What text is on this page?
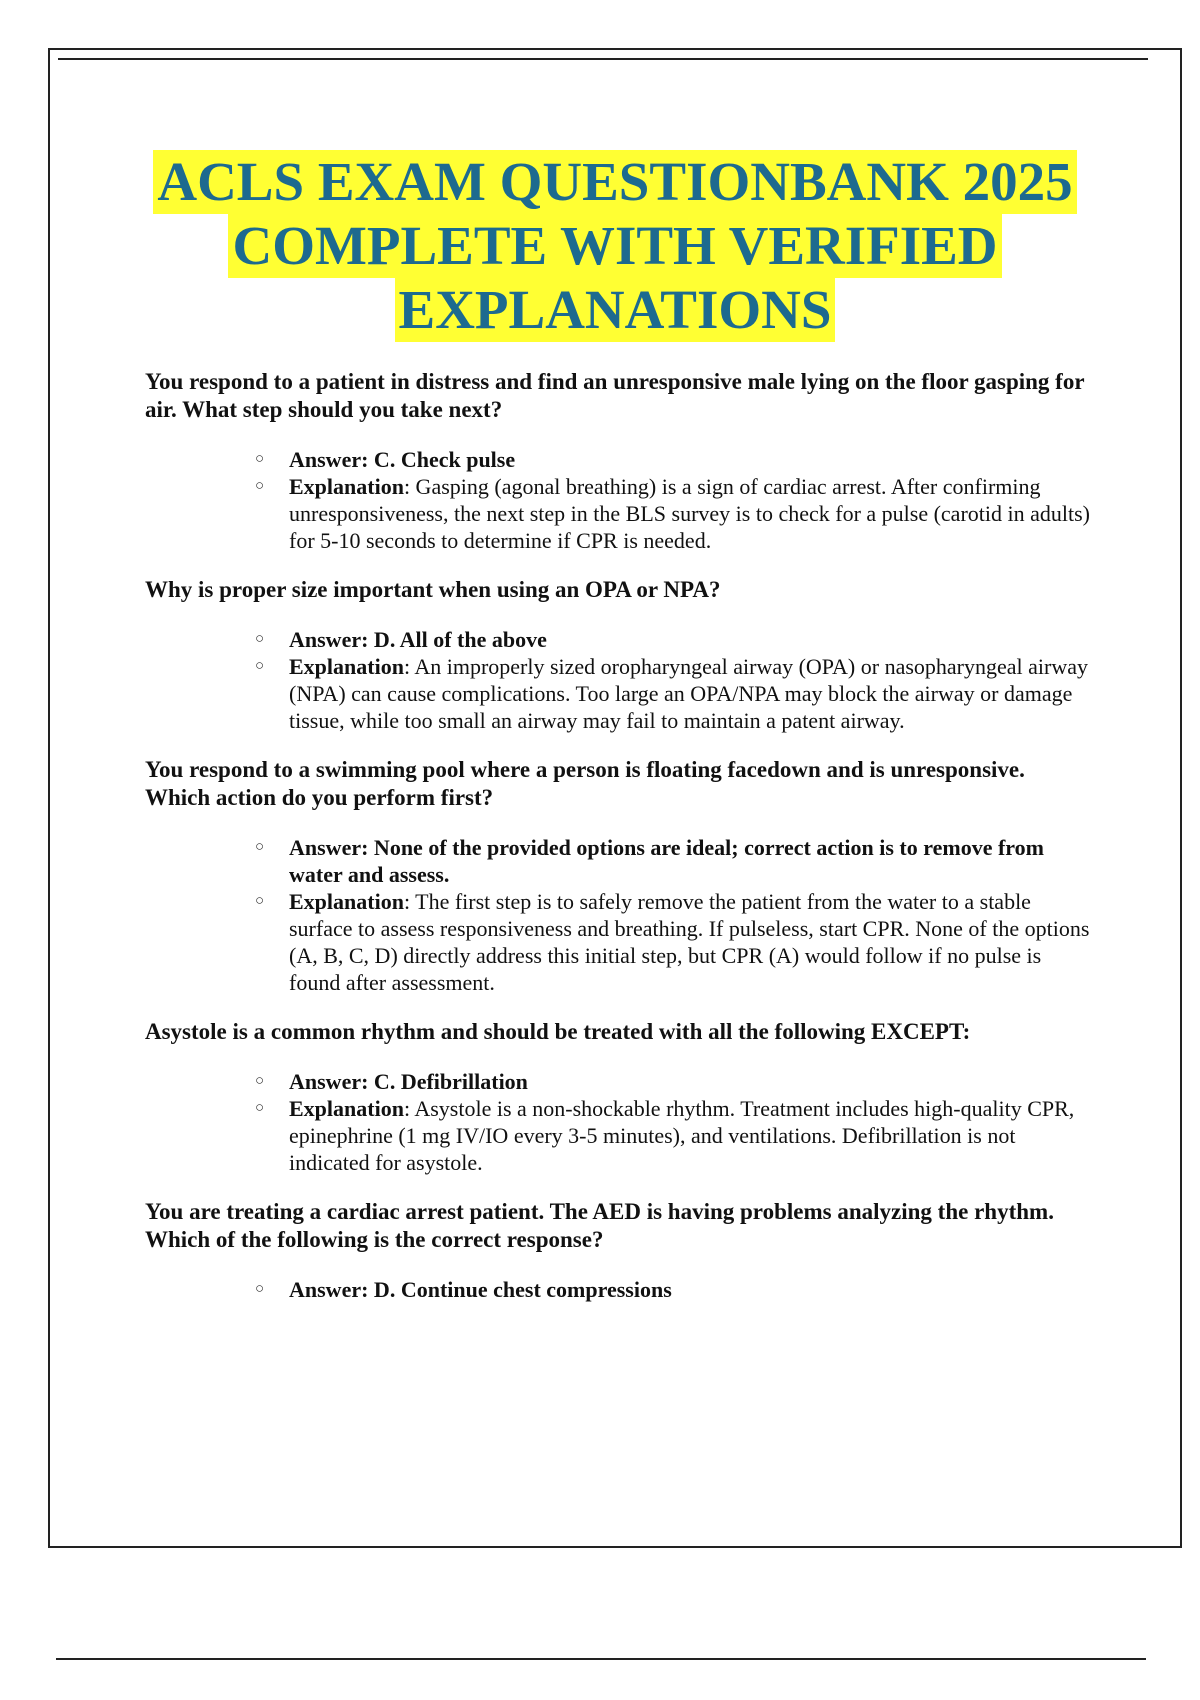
ACLS EXAM QUESTIONBANK 2025
COMPLETE WITH VERIFIED
EXPLANATIONS

You respond to a patient in distress and find an unresponsive male lying on the floor gasping for air. What step should you take next?

○ Answer: C. Check pulse
○ Explanation: Gasping (agonal breathing) is a sign of cardiac arrest. After confirming unresponsiveness, the next step in the BLS survey is to check for a pulse (carotid in adults) for 5-10 seconds to determine if CPR is needed.

Why is proper size important when using an OPA or NPA?

○ Answer: D. All of the above
○ Explanation: An improperly sized oropharyngeal airway (OPA) or nasopharyngeal airway (NPA) can cause complications. Too large an OPA/NPA may block the airway or damage tissue, while too small an airway may fail to maintain a patent airway.

You respond to a swimming pool where a person is floating facedown and is unresponsive. Which action do you perform first?

○ Answer: None of the provided options are ideal; correct action is to remove from water and assess.
○ Explanation: The first step is to safely remove the patient from the water to a stable surface to assess responsiveness and breathing. If pulseless, start CPR. None of the options (A, B, C, D) directly address this initial step, but CPR (A) would follow if no pulse is found after assessment.

Asystole is a common rhythm and should be treated with all the following EXCEPT:

○ Answer: C. Defibrillation
○ Explanation: Asystole is a non-shockable rhythm. Treatment includes high-quality CPR, epinephrine (1 mg IV/IO every 3-5 minutes), and ventilations. Defibrillation is not indicated for asystole.

You are treating a cardiac arrest patient. The AED is having problems analyzing the rhythm. Which of the following is the correct response?

○ Answer: D. Continue chest compressions
